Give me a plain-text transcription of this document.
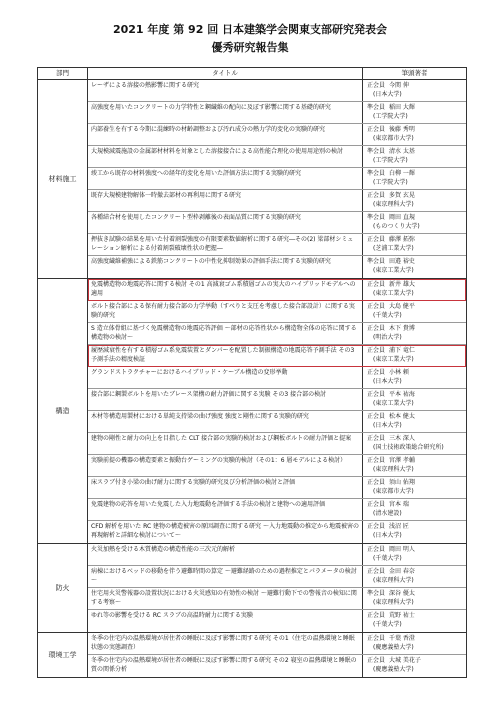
2021 年度 第 92 回 日本建築学会関東支部研究発表会
優秀研究報告集
部門	タイトル	筆頭著者
材料施工
レーザによる溶接の熱影響に関する研究	正会員 今関 伸
(日本大学)
高強度を用いたコンクリートの力学特性と鋼繊維の配向に及ぼす影響に関する基礎的研究	準会員 稲田 大輝
(工学院大学)
内部養生を有する今期に混練時の材齢調整および汚れ成分の熱力学的変化の実験的研究	正会員 後藤 秀明
(東京都市大学)
大規模減震施設の金属部材材料を対象とした溶接接合による高性能合理化の使用用途別の検討	準会員 清水 太基
(工学院大学)
竣工から既存の材料強度への経年的変化を用いた評価方法に関する実験的研究	準会員 白柳 一輝
(工学院大学)
既存大規模建物解体一時撤去部材の再利用に関する研究	正会員 多賀 玄晃
(東京理科大学)
各種結合材を使用したコンクリート型枠剥離後の表面品質に関する実験的研究	準会員 岡田 直規
(ものつくり大学)
押抜き試験の結果を用いた付着割裂強度の有限要素数値解析に関する研究―その(2) 梁部材シミュレーション解析による付着割裂破壊性状の把握―
正会員 藤澤 拓弥
(芝浦工業大学)
高強度繊維補強による鉄筋コンクリートの中性化抑制効果の評価手法に関する実験的研究	準会員 田邉 裕史
(東京工業大学)
構造
免震構造物の地震応答に関する検討 その1 高減衰ゴム系積層ゴムの実大のハイブリッドモデルへの適用
正会員 新井 雄大
(東京工業大学)
ボルト接合部による保有耐力接合部の力学挙動（すべりと支圧を考慮した接合部設計）に関する実験的研究
正会員 大島 健平
(千葉大学)
S 造立体骨組に基づく免震構造物の地震応答評価 ～部材の応答性状から構造物全体の応答に関する構造物の検討～
正会員 木下 貴博
(明治大学)
履歴減衰性を有する積層ゴム系免震装置とダンパーを配置した制振構造の地震応答予測手法 その3 予測手法の精度検証
正会員 浦下 竜仁
(東京工業大学)
グランドストラクチャーにおけるハイブリッド・ケーブル構造の変形挙動	正会員 小林 頼
(日本大学)
接合部に鋼製ボルトを用いたブレース架構の耐力評価に関する実験 その3 接合部の検討	正会員 平本 祐海
(東京工業大学)
木材等構造用製材における単純支持梁の曲げ強度 強度と剛性に関する実験的研究	正会員 松本 健太
(日本大学)
建物の剛性と耐力の向上を目指した CLT 接合部の実験的検討および鋼板ボルトの耐力評価と提案	正会員 三木 深人
(国土技術政策総合研究所)
実験前提の機器の構造要素と振動台ゲーミングの実験的検討（その1：6 層モデルによる検討）	正会員 宮澤 孝輔
(東京理科大学)
床スラブ付き小梁の曲げ耐力に関する実験的研究及び分析評価の検討と評価	正会員 須山 佑翔
(東京都市大学)
免震建物の応答を用いた免震した入力地震動を評価する手法の検討と建物への適用評価	正会員 宮本 瑞
(清水建設)
CFD 解析を用いた RC 建物の構造被害の原因調査に関する研究 ～入力地震動の推定から地震被害の再現解析と詳細な検討について～
正会員 浅沼 匠
(日本大学)
防火
火災加熱を受ける木質構造の構造性能の三次元的解析	正会員 岡田 明人
(千葉大学)
病棟におけるベッドの移動を伴う避難時間の算定 ～避難経路のための過程推定とパラメータの検討～
正会員 金田 春奈
(東京理科大学)
住宅用火災警報器の設置状況における火災感知の有効性の検討 ～避難行動下での警報音の検知に関する考察～
準会員 深谷 優太
(東京理科大学)
ゆれ等の影響を受ける RC スラブの高温時耐力に関する実験	正会員 荒野 祐士
(千葉大学)
環境工学
冬季の住宅内の温熱環境が居住者の睡眠に及ぼす影響に関する研究 その1（住宅の温熱環境と睡眠状態の実態調査）
正会員 千葉 香澄
(慶應義塾大学)
冬季の住宅内の温熱環境が居住者の睡眠に及ぼす影響に関する研究 その2 寝室の温熱環境と睡眠の質の関係分析
正会員 大城 美花子
(慶應義塾大学)
